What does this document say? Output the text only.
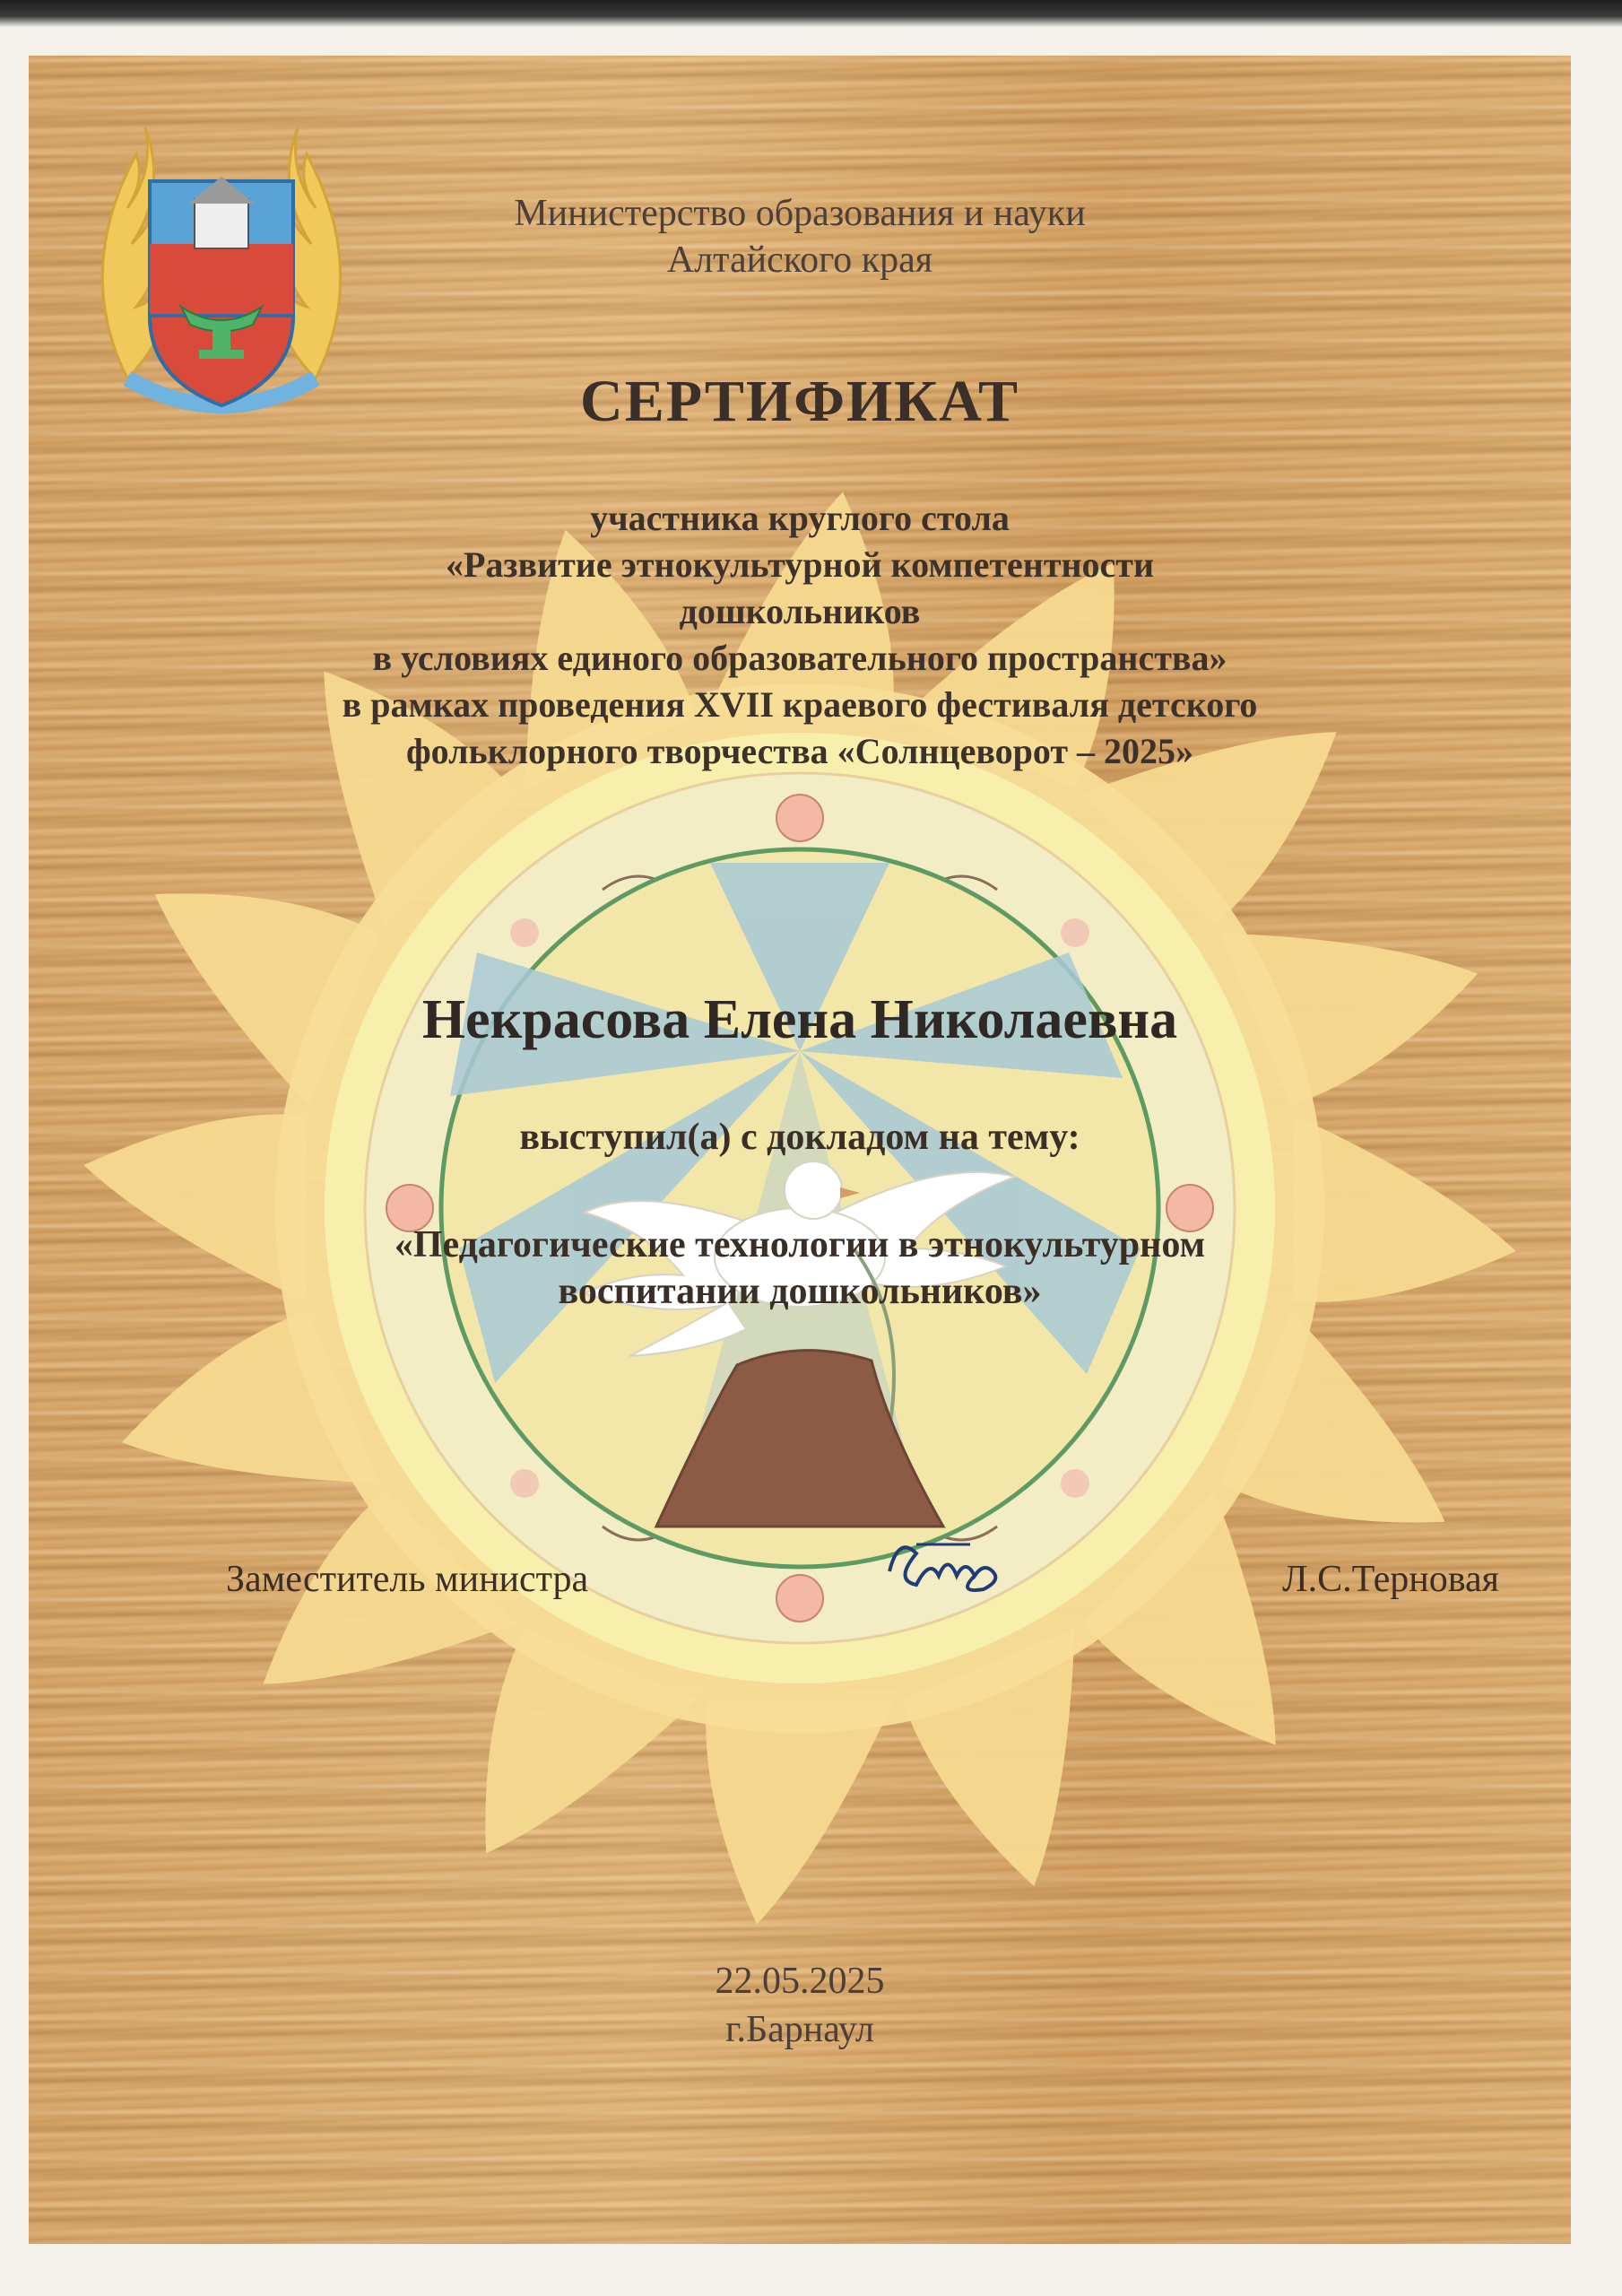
Министерство образования и науки
Алтайского края
СЕРТИФИКАТ
участника круглого стола
«Развитие этнокультурной компетентности
дошкольников
в условиях единого образовательного пространства»
в рамках проведения XVII краевого фестиваля детского
фольклорного творчества «Солнцеворот – 2025»
Некрасова Елена Николаевна
выступил(а) с докладом на тему:
«Педагогические технологии в этнокультурном
воспитании дошкольников»
Заместитель министра	Л.С.Терновая
22.05.2025
г.Барнаул
